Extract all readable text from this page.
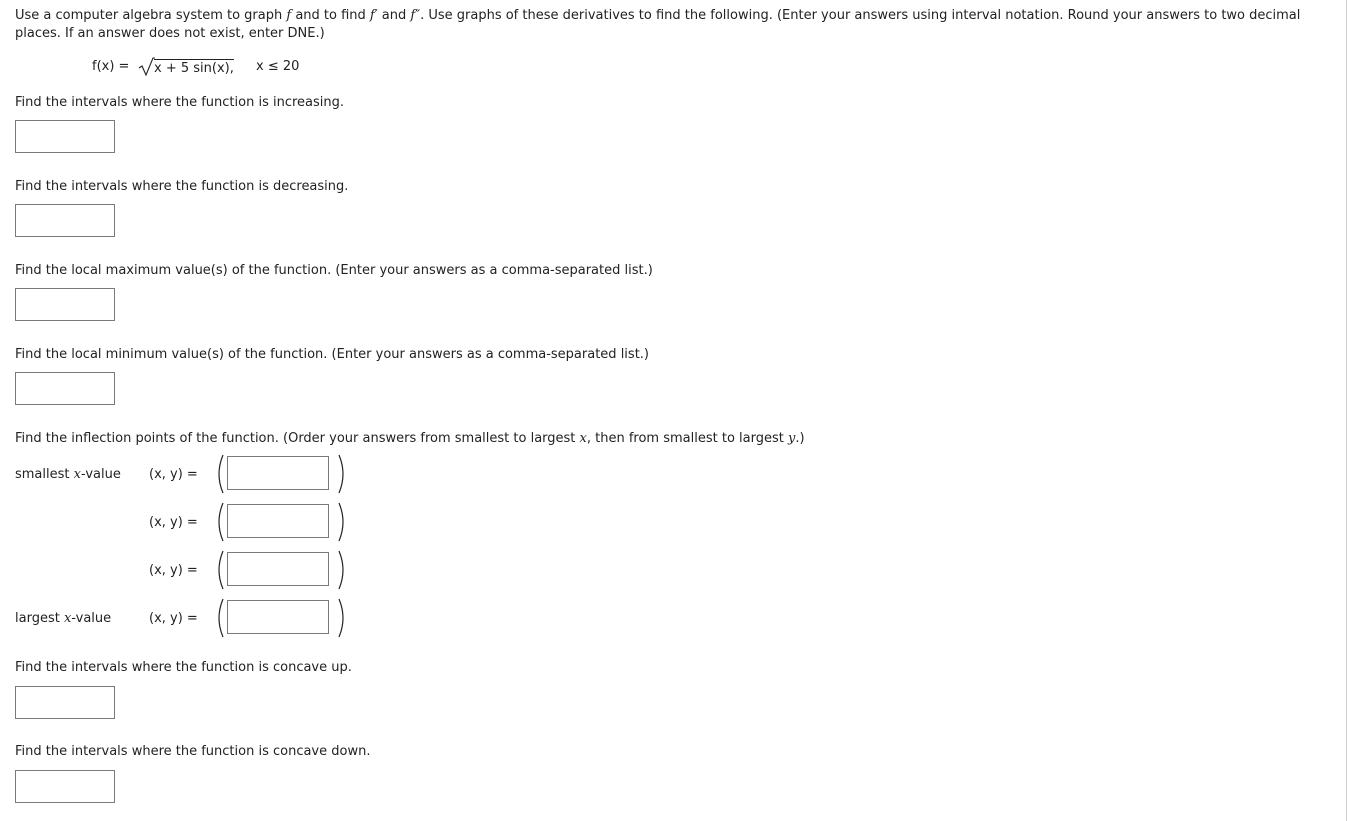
Use a computer algebra system to graph f and to find f′ and f″. Use graphs of these derivatives to find the following. (Enter your answers using interval notation. Round your answers to two decimal places. If an answer does not exist, enter DNE.)
f(x) = x + 5 sin(x), x ≤ 20
Find the intervals where the function is increasing.
Find the intervals where the function is decreasing.
Find the local maximum value(s) of the function. (Enter your answers as a comma-separated list.)
Find the local minimum value(s) of the function. (Enter your answers as a comma-separated list.)
Find the inflection points of the function. (Order your answers from smallest to largest x, then from smallest to largest y.)
smallest x-value
largest x-value
(x, y) =
(x, y) =
(x, y) =
(x, y) =
Find the intervals where the function is concave up.
Find the intervals where the function is concave down.
